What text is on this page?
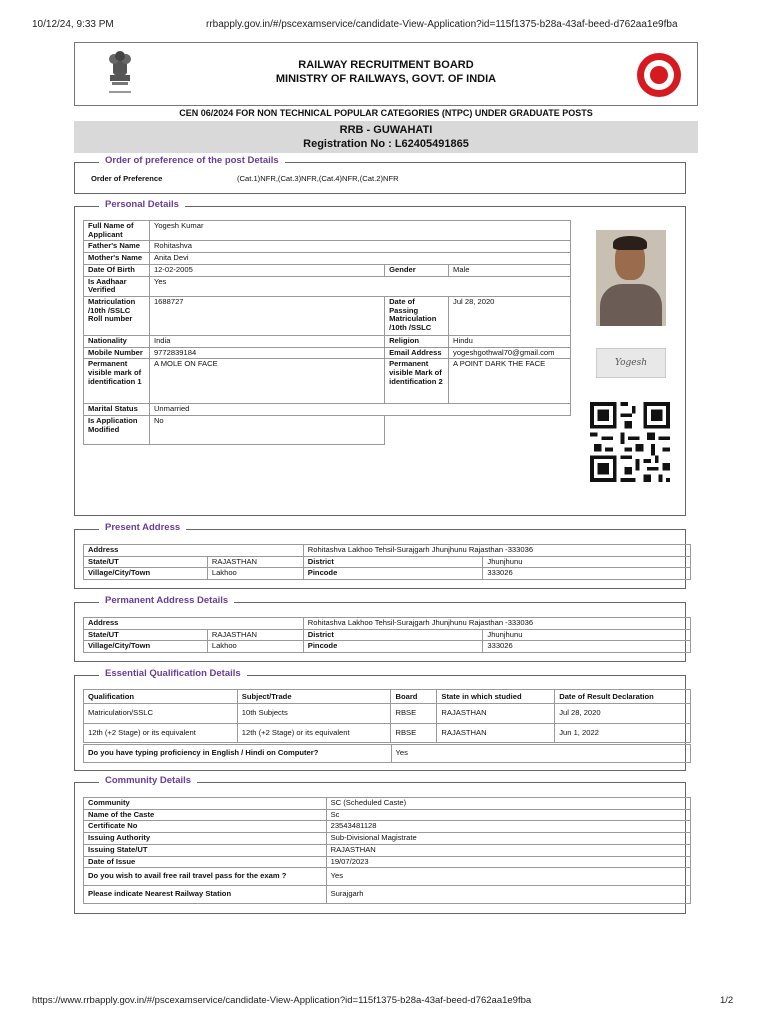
10/12/24, 9:33 PM	rrbapply.gov.in/#/pscexamservice/candidate-View-Application?id=115f1375-b28a-43af-beed-d762aa1e9fba
RAILWAY RECRUITMENT BOARD
MINISTRY OF RAILWAYS, GOVT. OF INDIA
CEN 06/2024 FOR NON TECHNICAL POPULAR CATEGORIES (NTPC) UNDER GRADUATE POSTS
RRB - GUWAHATI
Registration No : L62405491865
Order of preference of the post Details
Order of Preference	(Cat.1)NFR,(Cat.3)NFR,(Cat.4)NFR,(Cat.2)NFR
Personal Details
Full Name of Applicant	Yogesh Kumar		
Father's Name	Rohitashva		
Mother's Name	Anita Devi		
Date Of Birth	12-02-2005	Gender	Male
Is Aadhaar Verified	Yes		
Matriculation /10th /SSLC Roll number	1688727	Date of Passing Matriculation /10th /SSLC	Jul 28, 2020
Nationality	India	Religion	Hindu
Mobile Number	9772839184	Email Address	yogeshgothwal70@gmail.com
Permanent visible mark of identification 1	A MOLE ON FACE	Permanent visible Mark of identification 2	A POINT DARK THE FACE
Marital Status	Unmarried		
Is Application Modified	No		
Yogesh
Present Address
Address		Rohitashva Lakhoo Tehsil-Surajgarh Jhunjhunu Rajasthan -333036	
State/UT	RAJASTHAN	District	Jhunjhunu
Village/City/Town	Lakhoo	Pincode	333026
Permanent Address Details
Address		Rohitashva Lakhoo Tehsil-Surajgarh Jhunjhunu Rajasthan -333036	
State/UT	RAJASTHAN	District	Jhunjhunu
Village/City/Town	Lakhoo	Pincode	333026
Essential Qualification Details
Qualification	Subject/Trade	Board	State in which studied	Date of Result Declaration
Matriculation/SSLC	10th Subjects	RBSE	RAJASTHAN	Jul 28, 2020
12th (+2 Stage) or its equivalent	12th (+2 Stage) or its equivalent	RBSE	RAJASTHAN	Jun 1, 2022
Do you have typing proficiency in English / Hindi on Computer?	Yes
Community Details
Community	SC (Scheduled Caste)
Name of the Caste	Sc
Certificate No	23543481128
Issuing Authority	Sub-Divisional Magistrate
Issuing State/UT	RAJASTHAN
Date of Issue	19/07/2023
Do you wish to avail free rail travel pass for the exam ?	Yes
Please indicate Nearest Railway Station	Surajgarh
https://www.rrbapply.gov.in/#/pscexamservice/candidate-View-Application?id=115f1375-b28a-43af-beed-d762aa1e9fba	1/2
